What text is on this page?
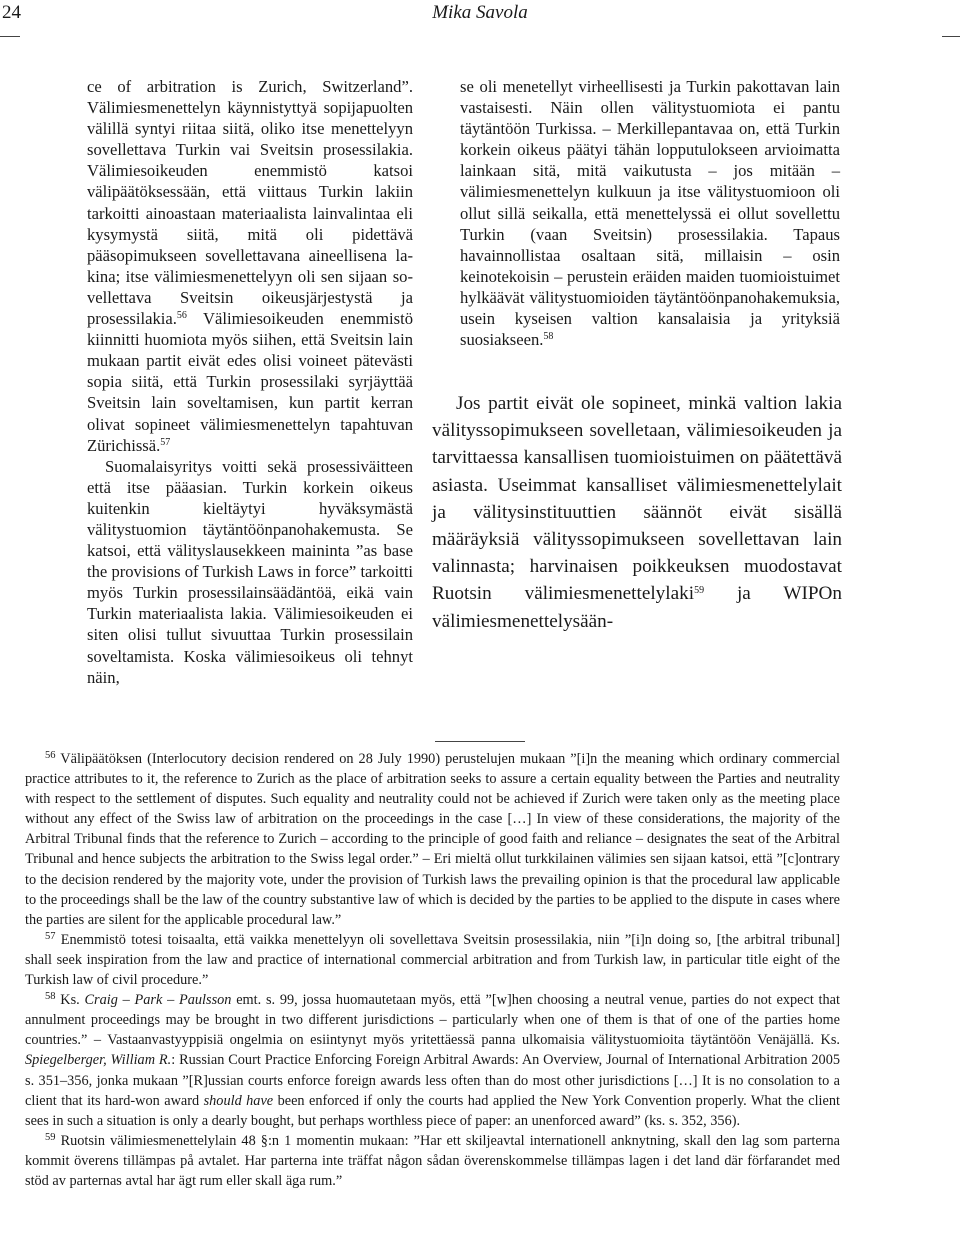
24	Mika Savola

ce of arbitration is Zurich, Switzerland”. Välimiesmenettelyn käynnistyttyä sopijapuolten välillä syntyi riitaa siitä, oliko itse menettelyyn sovellettava Turkin vai Sveitsin prosessilakia. Välimiesoikeuden enemmistö katsoi välipäätöksessään, että viittaus Turkin lakiin tarkoitti ainoastaan materiaalista lainvalintaa eli kysymystä siitä, mitä oli pidettävä pääsopimukseen sovellettavana aineellisena lakina; itse välimiesmenettelyyn oli sen sijaan sovellettava Sveitsin oikeusjärjestystä ja prosessilakia.$^{56}$ Välimiesoikeuden enemmistö kiinnitti huomiota myös siihen, että Sveitsin lain mukaan partit eivät edes olisi voineet pätevästi sopia siitä, että Turkin prosessilaki syrjäyttää Sveitsin lain soveltamisen, kun partit kerran olivat sopineet välimiesmenettelyn tapahtuvan Zürichissä.$^{57}$

Suomalaisyritys voitti sekä prosessiväitteen että itse pääasian. Turkin korkein oikeus kuitenkin kieltäytyi hyväksymästä välitystuomion täytäntöönpanohakemusta. Se katsoi, että välityslausekkeen maininta ”as base the provisions of Turkish Laws in force” tarkoitti myös Turkin prosessilainsäädäntöä, eikä vain Turkin materiaalista lakia. Välimiesoikeuden ei siten olisi tullut sivuuttaa Turkin prosessilain soveltamista. Koska välimiesoikeus oli tehnyt näin,

se oli menetellyt virheellisesti ja Turkin pakottavan lain vastaisesti. Näin ollen välitystuomiota ei pantu täytäntöön Turkissa. – Merkillepantavaa on, että Turkin korkein oikeus päätyi tähän lopputulokseen arvioimatta lainkaan sitä, mitä vaikutusta – jos mitään – välimiesmenettelyn kulkuun ja itse välitystuomioon oli ollut sillä seikalla, että menettelyssä ei ollut sovellettu Turkin (vaan Sveitsin) prosessilakia. Tapaus havainnollistaa osaltaan sitä, millaisin – osin keinotekoisin – perustein eräiden maiden tuomioistuimet hylkäävät välitystuomioiden täytäntöönpanohakemuksia, usein kyseisen valtion kansalaisia ja yrityksiä suosiakseen.$^{58}$

Jos partit eivät ole sopineet, minkä valtion lakia välityssopimukseen sovelletaan, välimiesoikeuden ja tarvittaessa kansallisen tuomioistuimen on päätettävä asiasta. Useimmat kansalliset välimiesmenettelylait ja välitysinstituuttien säännöt eivät sisällä määräyksiä välityssopimukseen sovellettavan lain valinnasta; harvinaisen poikkeuksen muodostavat Ruotsin välimiesmenettelylaki$^{59}$ ja WIPOn välimiesmenettelysään-

$^{56}$ Välipäätöksen (Interlocutory decision rendered on 28 July 1990) perustelujen mukaan ”[i]n the meaning which ordinary commercial practice attributes to it, the reference to Zurich as the place of arbitration seeks to assure a certain equality between the Parties and neutrality with respect to the settlement of disputes. Such equality and neutrality could not be achieved if Zurich were taken only as the meeting place without any effect of the Swiss law of arbitration on the proceedings in the case […] In view of these considerations, the majority of the Arbitral Tribunal finds that the reference to Zurich – according to the principle of good faith and reliance – designates the seat of the Arbitral Tribunal and hence subjects the arbitration to the Swiss legal order.” – Eri mieltä ollut turkkilainen välimies sen sijaan katsoi, että ”[c]ontrary to the decision rendered by the majority vote, under the provision of Turkish laws the prevailing opinion is that the procedural law applicable to the proceedings shall be the law of the country substantive law of which is decided by the parties to be applied to the dispute in cases where the parties are silent for the applicable procedural law.”

$^{57}$ Enemmistö totesi toisaalta, että vaikka menettelyyn oli sovellettava Sveitsin prosessilakia, niin ”[i]n doing so, [the arbitral tribunal] shall seek inspiration from the law and practice of international commercial arbitration and from Turkish law, in particular title eight of the Turkish law of civil procedure.”

$^{58}$ Ks. Craig – Park – Paulsson emt. s. 99, jossa huomautetaan myös, että ”[w]hen choosing a neutral venue, parties do not expect that annulment proceedings may be brought in two different jurisdictions – particularly when one of them is that of one of the parties home countries.” – Vastaanvastyyppisiä ongelmia on esiintynyt myös yritettäessä panna ulkomaisia välitystuomioita täytäntöön Venäjällä. Ks. Spiegelberger, William R.: Russian Court Practice Enforcing Foreign Arbitral Awards: An Overview, Journal of International Arbitration 2005 s. 351–356, jonka mukaan ”[R]ussian courts enforce foreign awards less often than do most other jurisdictions […] It is no consolation to a client that its hard-won award should have been enforced if only the courts had applied the New York Convention properly. What the client sees in such a situation is only a dearly bought, but perhaps worthless piece of paper: an unenforced award” (ks. s. 352, 356).

$^{59}$ Ruotsin välimiesmenettelylain 48 §:n 1 momentin mukaan: ”Har ett skiljeavtal internationell anknytning, skall den lag som parterna kommit överens tillämpas på avtalet. Har parterna inte träffat någon sådan överenskommelse tillämpas lagen i det land där förfarandet med stöd av parternas avtal har ägt rum eller skall äga rum.”
